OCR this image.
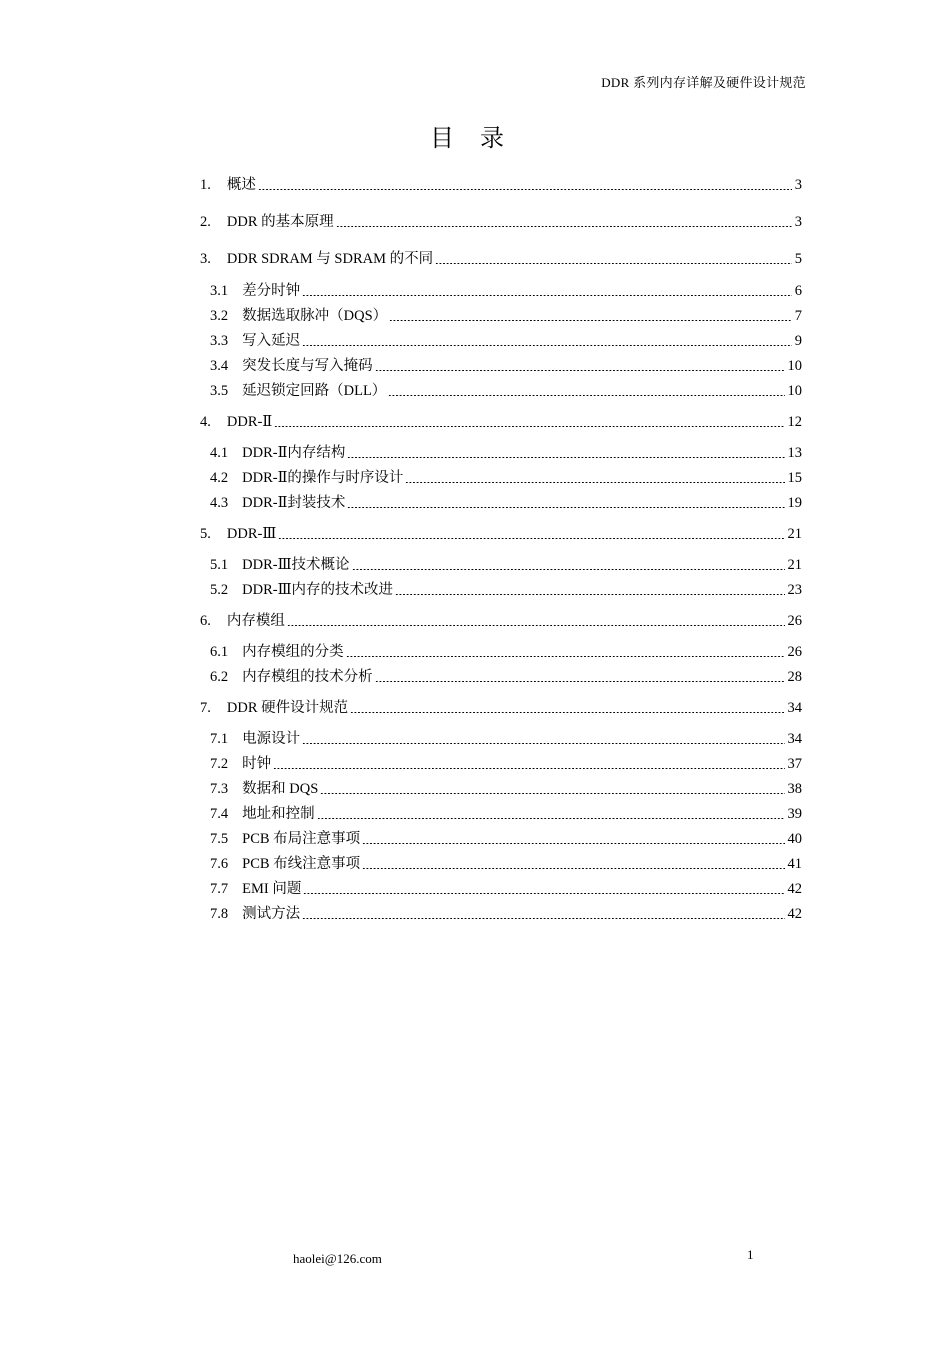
DDR 系列内存详解及硬件设计规范
目 录
1. 概述	3
2. DDR 的基本原理	3
3. DDR SDRAM 与 SDRAM 的不同	5
3.1 差分时钟	6
3.2 数据选取脉冲（DQS）	7
3.3 写入延迟	9
3.4 突发长度与写入掩码	10
3.5 延迟锁定回路（DLL）	10
4. DDR-Ⅱ	12
4.1 DDR-Ⅱ内存结构	13
4.2 DDR-Ⅱ的操作与时序设计	15
4.3 DDR-Ⅱ封装技术	19
5. DDR-Ⅲ	21
5.1 DDR-Ⅲ技术概论	21
5.2 DDR-Ⅲ内存的技术改进	23
6. 内存模组	26
6.1 内存模组的分类	26
6.2 内存模组的技术分析	28
7. DDR 硬件设计规范	34
7.1 电源设计	34
7.2 时钟	37
7.3 数据和 DQS	38
7.4 地址和控制	39
7.5 PCB 布局注意事项	40
7.6 PCB 布线注意事项	41
7.7 EMI 问题	42
7.8 测试方法	42
haolei@126.com	1
